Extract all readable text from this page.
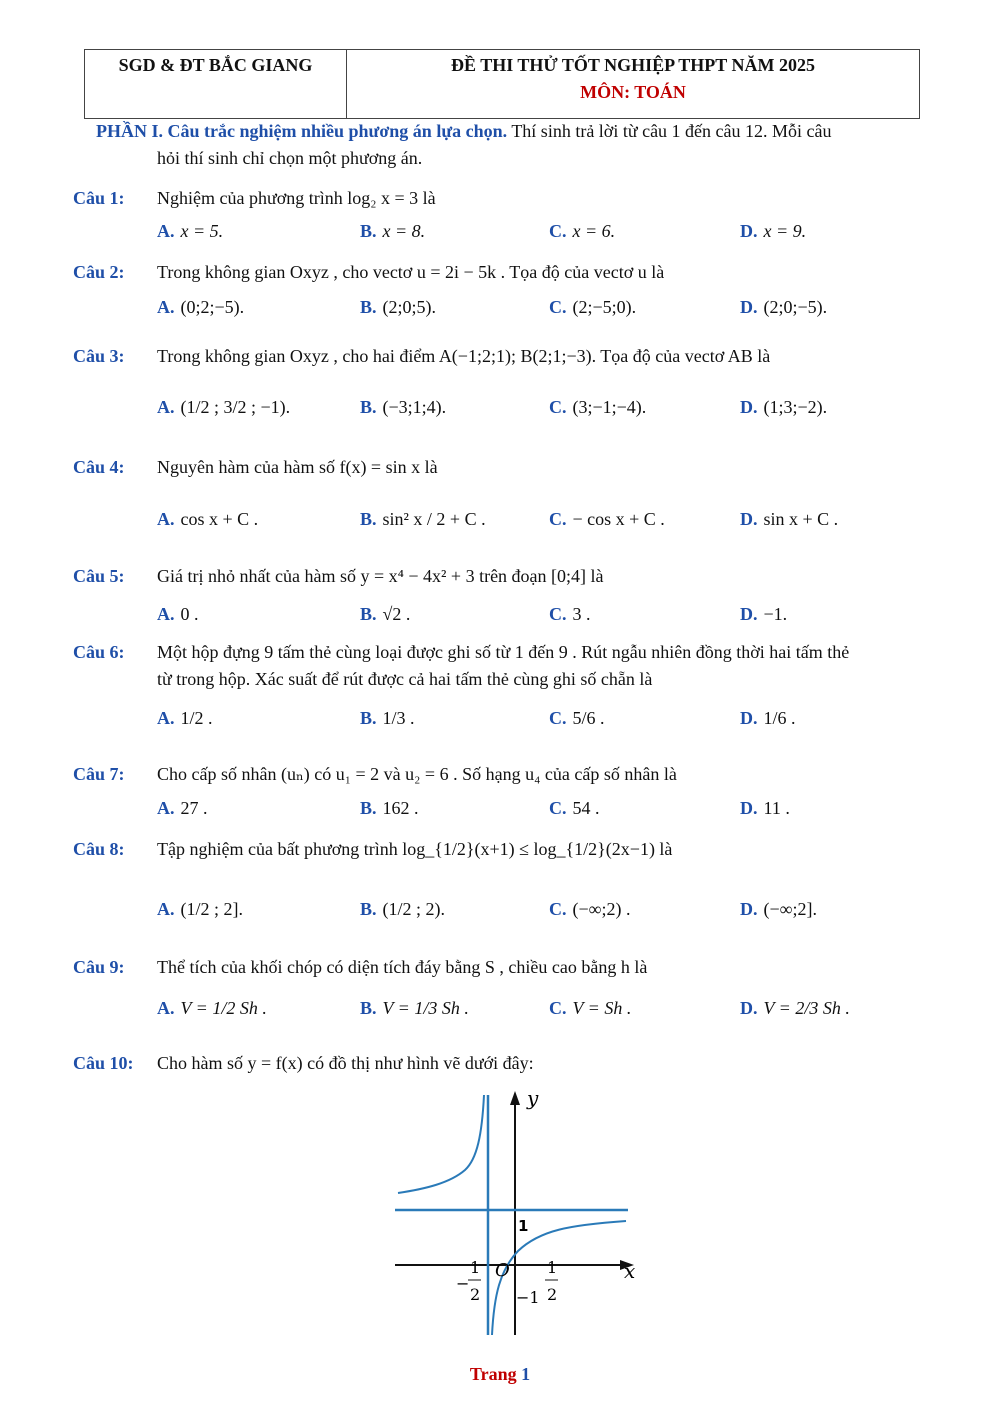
SGD & ĐT BẮC GIANG	ĐỀ THI THỬ TỐT NGHIỆP THPT NĂM 2025
MÔN: TOÁN
PHẦN I. Câu trắc nghiệm nhiều phương án lựa chọn. Thí sinh trả lời từ câu 1 đến câu 12. Mỗi câu
hỏi thí sinh chỉ chọn một phương án.
Câu 1: Nghiệm của phương trình log₂ x = 3 là
A. x = 5.	B. x = 8.	C. x = 6.	D. x = 9.
Câu 2: Trong không gian Oxyz , cho vectơ u = 2i − 5k . Tọa độ của vectơ u là
A. (0;2;−5).	B. (2;0;5).	C. (2;−5;0).	D. (2;0;−5).
Câu 3: Trong không gian Oxyz , cho hai điểm A(−1;2;1); B(2;1;−3). Tọa độ của vectơ AB là
A. (1/2 ; 3/2 ; −1).	B. (−3;1;4).	C. (3;−1;−4).	D. (1;3;−2).
Câu 4: Nguyên hàm của hàm số f(x) = sin x là
A. cos x + C .	B. sin² x / 2 + C .	C. − cos x + C .	D. sin x + C .
Câu 5: Giá trị nhỏ nhất của hàm số y = x⁴ − 4x² + 3 trên đoạn [0;4] là
A. 0 .	B. √2 .	C. 3 .	D. −1.
Câu 6: Một hộp đựng 9 tấm thẻ cùng loại được ghi số từ 1 đến 9 . Rút ngẫu nhiên đồng thời hai tấm thẻ
từ trong hộp. Xác suất để rút được cả hai tấm thẻ cùng ghi số chẵn là
A. 1/2 .	B. 1/3 .	C. 5/6 .	D. 1/6 .
Câu 7: Cho cấp số nhân (uₙ) có u₁ = 2 và u₂ = 6 . Số hạng u₄ của cấp số nhân là
A. 27 .	B. 162 .	C. 54 .	D. 11 .
Câu 8: Tập nghiệm của bất phương trình log_{1/2}(x+1) ≤ log_{1/2}(2x−1) là
A. (1/2 ; 2].	B. (1/2 ; 2).	C. (−∞;2) .	D. (−∞;2].
Câu 9: Thể tích của khối chóp có diện tích đáy bằng S , chiều cao bằng h là
A. V = 1/2 Sh .	B. V = 1/3 Sh .	C. V = Sh .	D. V = 2/3 Sh .
Câu 10: Cho hàm số y = f(x) có đồ thị như hình vẽ dưới đây:
y
x
O
1
−
1
2
1
2
−1
Trang 1
